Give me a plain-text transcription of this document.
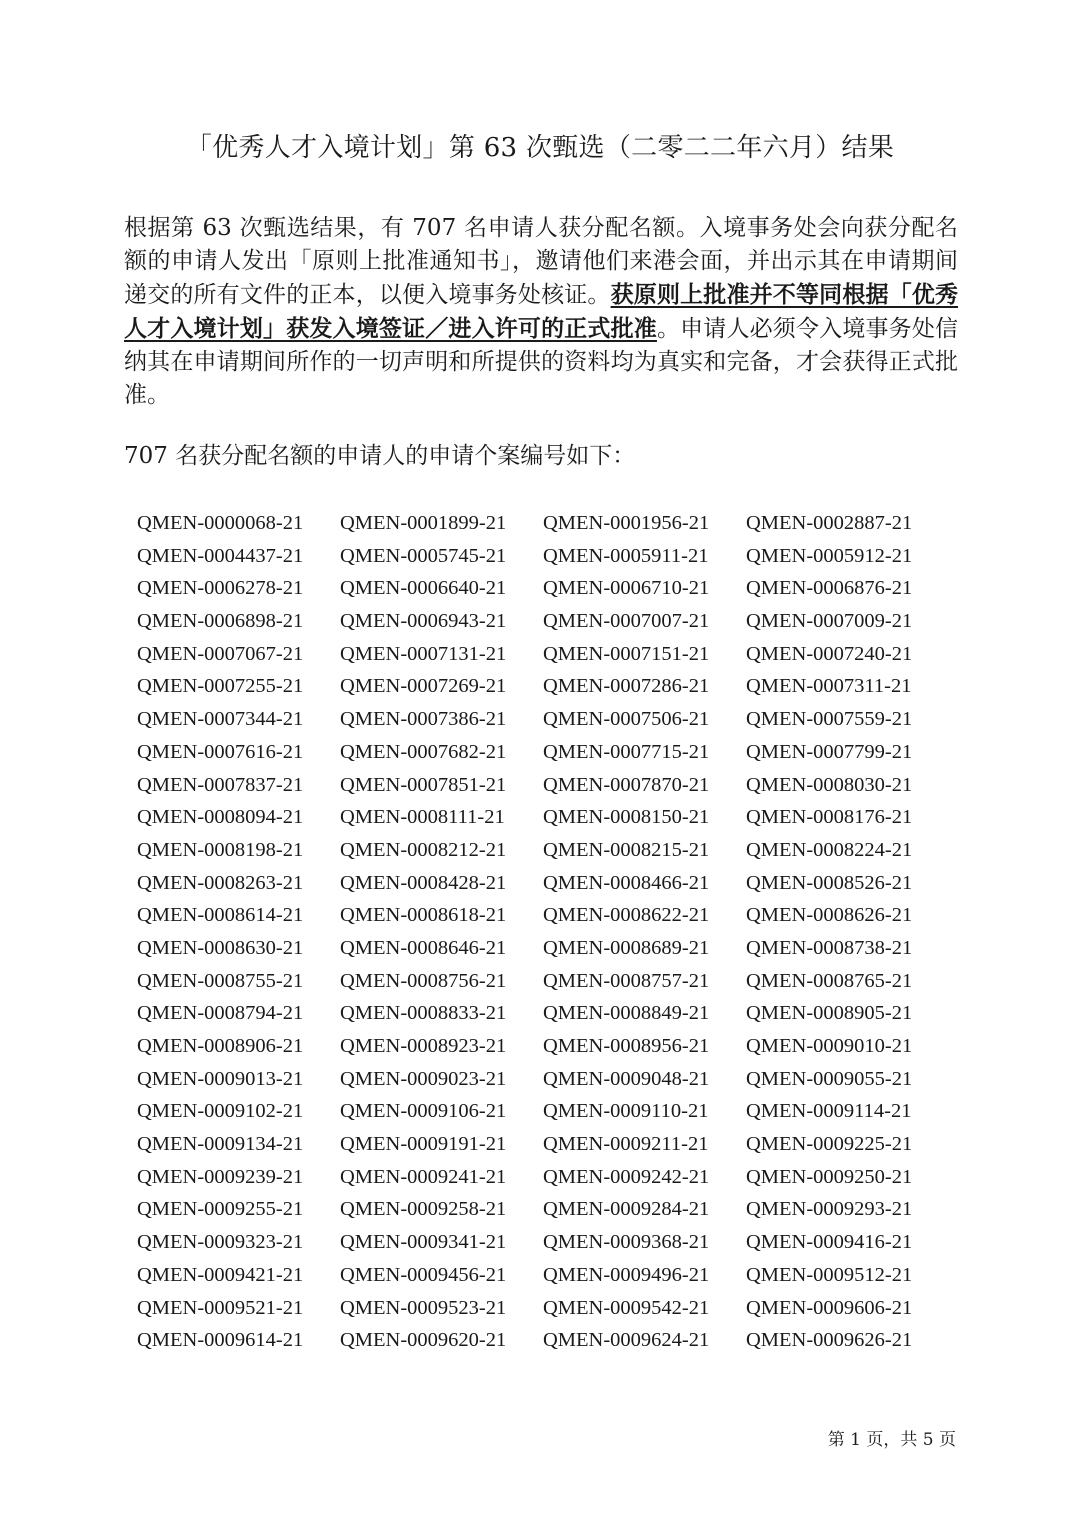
「优秀人才入境计划」第 63 次甄选（二零二二年六月）结果

根据第 63 次甄选结果，有 707 名申请人获分配名额。入境事务处会向获分配名额的申请人发出「原则上批准通知书」，邀请他们来港会面，并出示其在申请期间递交的所有文件的正本，以便入境事务处核证。获原则上批准并不等同根据「优秀人才入境计划」获发入境签证／进入许可的正式批准。申请人必须令入境事务处信纳其在申请期间所作的一切声明和所提供的资料均为真实和完备，才会获得正式批准。

707 名获分配名额的申请人的申请个案编号如下：

QMEN-0000068-21	QMEN-0001899-21	QMEN-0001956-21	QMEN-0002887-21
QMEN-0004437-21	QMEN-0005745-21	QMEN-0005911-21	QMEN-0005912-21
QMEN-0006278-21	QMEN-0006640-21	QMEN-0006710-21	QMEN-0006876-21
QMEN-0006898-21	QMEN-0006943-21	QMEN-0007007-21	QMEN-0007009-21
QMEN-0007067-21	QMEN-0007131-21	QMEN-0007151-21	QMEN-0007240-21
QMEN-0007255-21	QMEN-0007269-21	QMEN-0007286-21	QMEN-0007311-21
QMEN-0007344-21	QMEN-0007386-21	QMEN-0007506-21	QMEN-0007559-21
QMEN-0007616-21	QMEN-0007682-21	QMEN-0007715-21	QMEN-0007799-21
QMEN-0007837-21	QMEN-0007851-21	QMEN-0007870-21	QMEN-0008030-21
QMEN-0008094-21	QMEN-0008111-21	QMEN-0008150-21	QMEN-0008176-21
QMEN-0008198-21	QMEN-0008212-21	QMEN-0008215-21	QMEN-0008224-21
QMEN-0008263-21	QMEN-0008428-21	QMEN-0008466-21	QMEN-0008526-21
QMEN-0008614-21	QMEN-0008618-21	QMEN-0008622-21	QMEN-0008626-21
QMEN-0008630-21	QMEN-0008646-21	QMEN-0008689-21	QMEN-0008738-21
QMEN-0008755-21	QMEN-0008756-21	QMEN-0008757-21	QMEN-0008765-21
QMEN-0008794-21	QMEN-0008833-21	QMEN-0008849-21	QMEN-0008905-21
QMEN-0008906-21	QMEN-0008923-21	QMEN-0008956-21	QMEN-0009010-21
QMEN-0009013-21	QMEN-0009023-21	QMEN-0009048-21	QMEN-0009055-21
QMEN-0009102-21	QMEN-0009106-21	QMEN-0009110-21	QMEN-0009114-21
QMEN-0009134-21	QMEN-0009191-21	QMEN-0009211-21	QMEN-0009225-21
QMEN-0009239-21	QMEN-0009241-21	QMEN-0009242-21	QMEN-0009250-21
QMEN-0009255-21	QMEN-0009258-21	QMEN-0009284-21	QMEN-0009293-21
QMEN-0009323-21	QMEN-0009341-21	QMEN-0009368-21	QMEN-0009416-21
QMEN-0009421-21	QMEN-0009456-21	QMEN-0009496-21	QMEN-0009512-21
QMEN-0009521-21	QMEN-0009523-21	QMEN-0009542-21	QMEN-0009606-21
QMEN-0009614-21	QMEN-0009620-21	QMEN-0009624-21	QMEN-0009626-21

第 1 页，共 5 页
